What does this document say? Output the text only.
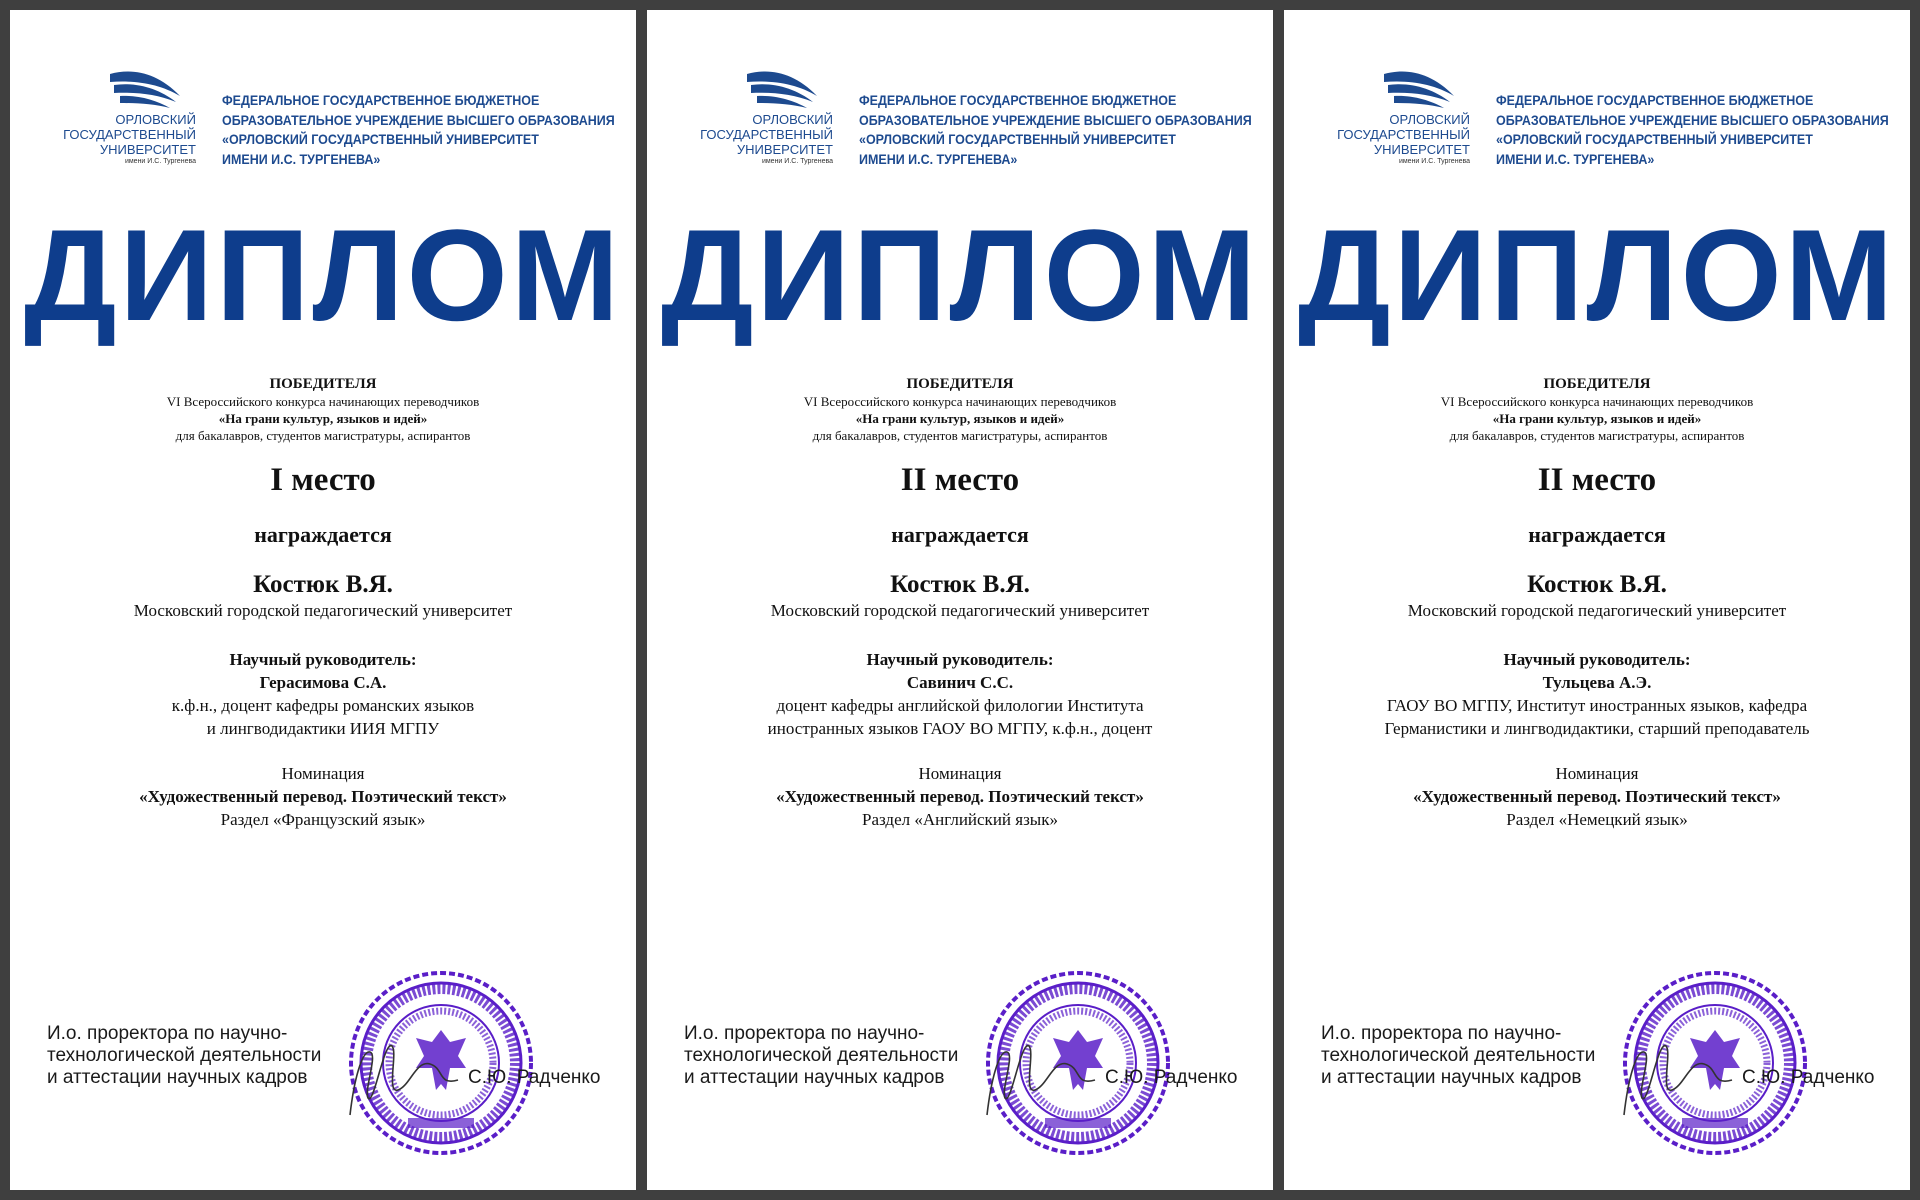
ОРЛОВСКИЙ
ГОСУДАРСТВЕННЫЙ
УНИВЕРСИТЕТ
имени И.С. Тургенева
ФЕДЕРАЛЬНОЕ ГОСУДАРСТВЕННОЕ БЮДЖЕТНОЕ
ОБРАЗОВАТЕЛЬНОЕ УЧРЕЖДЕНИЕ ВЫСШЕГО ОБРАЗОВАНИЯ
«ОРЛОВСКИЙ ГОСУДАРСТВЕННЫЙ УНИВЕРСИТЕТ
ИМЕНИ И.С. ТУРГЕНЕВА»
ДИПЛОМ
ПОБЕДИТЕЛЯ
VI Всероссийского конкурса начинающих переводчиков
«На грани культур, языков и идей»
для бакалавров, студентов магистратуры, аспирантов
I место
награждается
Костюк В.Я.
Московский городской педагогический университет
Научный руководитель:
Герасимова С.А.
к.ф.н., доцент кафедры романских языков
и лингводидактики ИИЯ МГПУ
Номинация
«Художественный перевод. Поэтический текст»
Раздел «Французский язык»
И.о. проректора по научно-
технологической деятельности
и аттестации научных кадров	С.Ю. Радченко
ОРЛОВСКИЙ
ГОСУДАРСТВЕННЫЙ
УНИВЕРСИТЕТ
имени И.С. Тургенева
ФЕДЕРАЛЬНОЕ ГОСУДАРСТВЕННОЕ БЮДЖЕТНОЕ
ОБРАЗОВАТЕЛЬНОЕ УЧРЕЖДЕНИЕ ВЫСШЕГО ОБРАЗОВАНИЯ
«ОРЛОВСКИЙ ГОСУДАРСТВЕННЫЙ УНИВЕРСИТЕТ
ИМЕНИ И.С. ТУРГЕНЕВА»
ДИПЛОМ
ПОБЕДИТЕЛЯ
VI Всероссийского конкурса начинающих переводчиков
«На грани культур, языков и идей»
для бакалавров, студентов магистратуры, аспирантов
II место
награждается
Костюк В.Я.
Московский городской педагогический университет
Научный руководитель:
Савинич С.С.
доцент кафедры английской филологии Института
иностранных языков ГАОУ ВО МГПУ, к.ф.н., доцент
Номинация
«Художественный перевод. Поэтический текст»
Раздел «Английский язык»
И.о. проректора по научно-
технологической деятельности
и аттестации научных кадров	С.Ю. Радченко
ОРЛОВСКИЙ
ГОСУДАРСТВЕННЫЙ
УНИВЕРСИТЕТ
имени И.С. Тургенева
ФЕДЕРАЛЬНОЕ ГОСУДАРСТВЕННОЕ БЮДЖЕТНОЕ
ОБРАЗОВАТЕЛЬНОЕ УЧРЕЖДЕНИЕ ВЫСШЕГО ОБРАЗОВАНИЯ
«ОРЛОВСКИЙ ГОСУДАРСТВЕННЫЙ УНИВЕРСИТЕТ
ИМЕНИ И.С. ТУРГЕНЕВА»
ДИПЛОМ
ПОБЕДИТЕЛЯ
VI Всероссийского конкурса начинающих переводчиков
«На грани культур, языков и идей»
для бакалавров, студентов магистратуры, аспирантов
II место
награждается
Костюк В.Я.
Московский городской педагогический университет
Научный руководитель:
Тульцева А.Э.
ГАОУ ВО МГПУ, Институт иностранных языков, кафедра
Германистики и лингводидактики, старший преподаватель
Номинация
«Художественный перевод. Поэтический текст»
Раздел «Немецкий язык»
И.о. проректора по научно-
технологической деятельности
и аттестации научных кадров	С.Ю. Радченко
